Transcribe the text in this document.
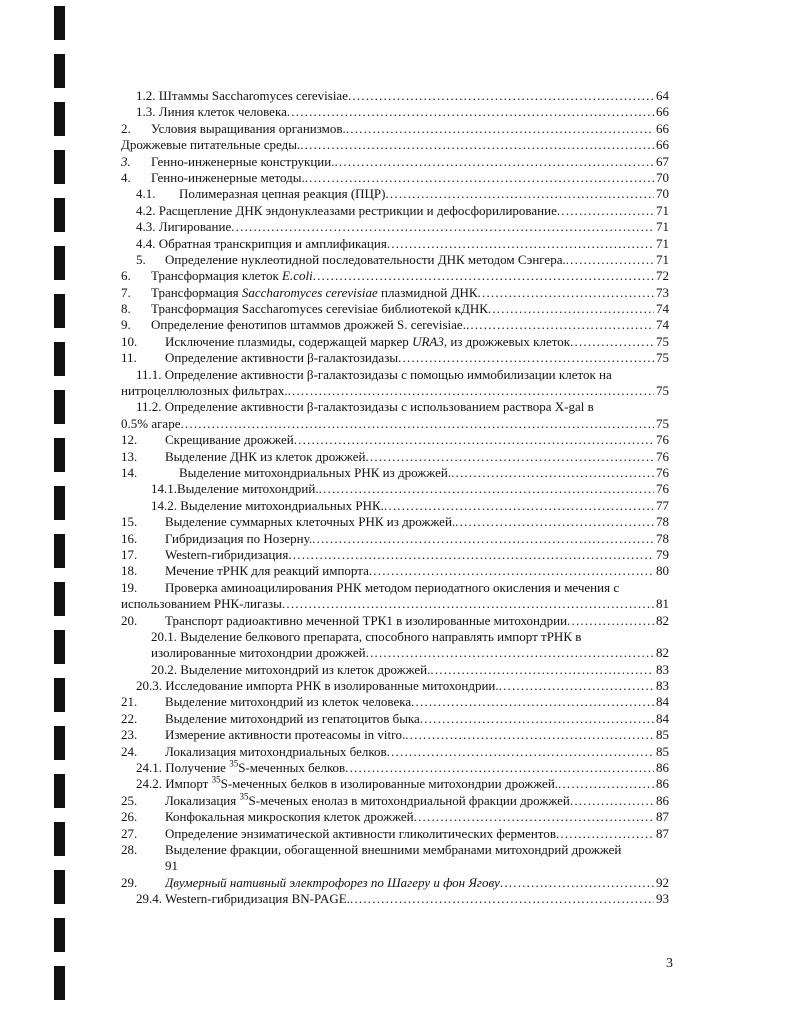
1.2. Штаммы Saccharomyces cerevisiae .....	64
1.3. Линия клеток человека .....	66
2. Условия выращивания организмов. .....	66
Дрожжевые питательные среды. .....	66
3. Генно-инженерные конструкции. .....	67
4. Генно-инженерные методы. .....	70
4.1. Полимеразная цепная реакция (ПЦР) .....	70
4.2. Расщепление ДНК эндонуклеазами рестрикции и дефосфорилирование .....	71
4.3. Лигирование .....	71
4.4. Обратная транскрипция и амплификация .....	71
5. Определение нуклеотидной последовательности ДНК методом Сэнгера. .....	71
6. Трансформация клеток E.coli .....	72
7. Трансформация Saccharomyces cerevisiae плазмидной ДНК .....	73
8. Трансформация Saccharomyces cerevisiae библиотекой кДНК .....	74
9. Определение фенотипов штаммов дрожжей S. cerevisiae. .....	74
10. Исключение плазмиды, содержащей маркер URA3, из дрожжевых клеток .....	75
11. Определение активности β-галактозидазы .....	75
11.1. Определение активности β-галактозидазы с помощью иммобилизации клеток на
нитроцеллюлозных фильтрах. .....	75
11.2. Определение активности β-галактозидазы с использованием раствора X-gal в
0.5% агаре .....	75
12. Скрещивание дрожжей .....	76
13. Выделение ДНК из клеток дрожжей .....	76
14.	Выделение митохондриальных РНК из дрожжей. .....	76
14.1.Выделение митохондрий. .....	76
14.2. Выделение митохондриальных РНК. .....	77
15. Выделение суммарных клеточных РНК из дрожжей. .....	78
16. Гибридизация по Нозерну. .....	78
17. Western-гибридизация .....	79
18. Мечение тРНК для реакций импорта .....	80
19. Проверка аминоацилирования РНК методом периодатного окисления и мечения с
использованием РНК-лигазы .....	81
20. Транспорт радиоактивно меченной ТРК1 в изолированные митохондрии .....	82
20.1. Выделение белкового препарата, способного направлять импорт тРНК в
изолированные митохондрии дрожжей .....	82
20.2. Выделение митохондрий из клеток дрожжей. .....	83
20.3. Исследование импорта РНК в изолированные митохондрии. .....	83
21. Выделение митохондрий из клеток человека .....	84
22. Выделение митохондрий из гепатоцитов быка .....	84
23. Измерение активности протеасомы in vitro. .....	85
24. Локализация митохондриальных белков .....	85
24.1. Получение $^{35}$S-меченных белков .....	86
24.2. Импорт $^{35}$S-меченных белков в изолированные митохондрии дрожжей. .....	86
25. Локализация $^{35}$S-меченых енолаз в митохондриальной фракции дрожжей .....	86
26. Конфокальная микроскопия клеток дрожжей .....	87
27. Определение энзиматической активности гликолитических ферментов .....	87
28. Выделение фракции, обогащенной внешними мембранами митохондрий дрожжей
91
29. Двумерный нативный электрофорез по Шагеру и фон Ягову .....	92
29.4. Western-гибридизация BN-PAGE. .....	93
3
